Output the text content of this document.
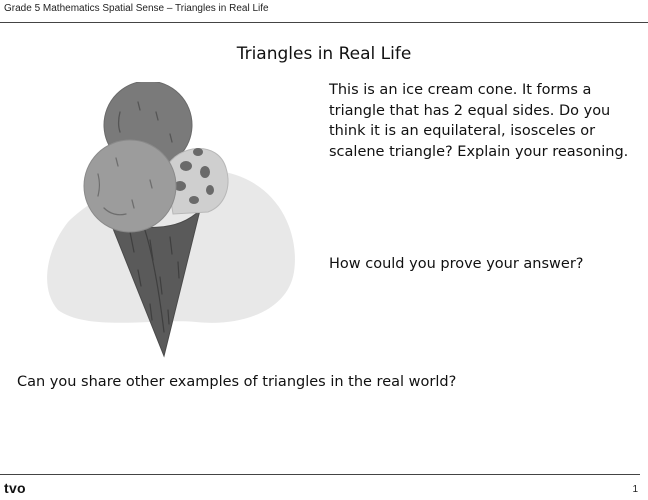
Grade 5 Mathematics Spatial Sense – Triangles in Real Life
Triangles in Real Life
This is an ice cream cone. It forms a triangle that has 2 equal sides. Do you think it is an equilateral, isosceles or scalene triangle? Explain your reasoning.
How could you prove your answer?
Can you share other examples of triangles in the real world?
tvo	1
